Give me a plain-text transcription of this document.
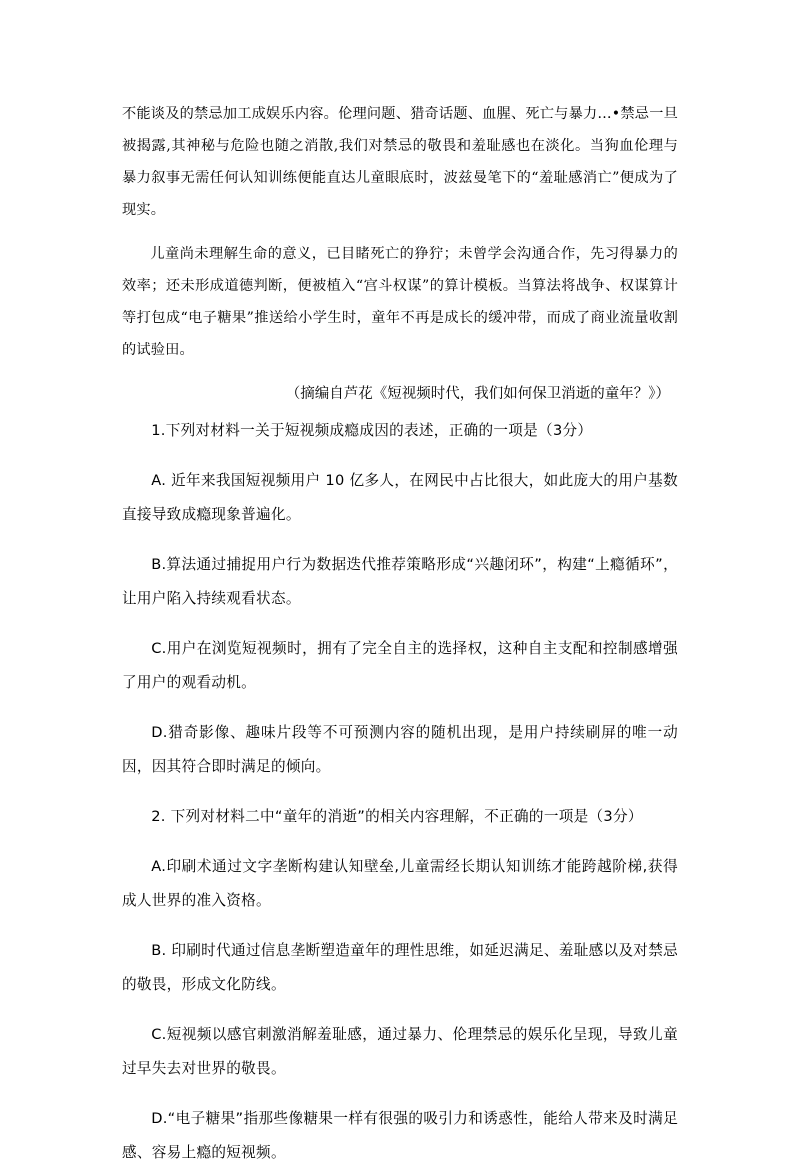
不能谈及的禁忌加工成娱乐内容。伦理问题、猎奇话题、血腥、死亡与暴力…•禁忌一旦被揭露,其神秘与危险也随之消散,我们对禁忌的敬畏和羞耻感也在淡化。当狗血伦理与暴力叙事无需任何认知训练便能直达儿童眼底时，波兹曼笔下的“羞耻感消亡”便成为了现实。

儿童尚未理解生命的意义，已目睹死亡的狰狞；未曾学会沟通合作，先习得暴力的效率；还未形成道德判断，便被植入“宫斗权谋”的算计模板。当算法将战争、权谋算计等打包成“电子糖果”推送给小学生时，童年不再是成长的缓冲带，而成了商业流量收割的试验田。

（摘编自芦花《短视频时代，我们如何保卫消逝的童年？》）

1.下列对材料一关于短视频成瘾成因的表述，正确的一项是（3分）

A. 近年来我国短视频用户 10 亿多人，在网民中占比很大，如此庞大的用户基数直接导致成瘾现象普遍化。

B.算法通过捕捉用户行为数据迭代推荐策略形成“兴趣闭环”，构建“上瘾循环”，让用户陷入持续观看状态。

C.用户在浏览短视频时，拥有了完全自主的选择权，这种自主支配和控制感增强了用户的观看动机。

D.猎奇影像、趣味片段等不可预测内容的随机出现，是用户持续刷屏的唯一动因，因其符合即时满足的倾向。

2. 下列对材料二中“童年的消逝”的相关内容理解，不正确的一项是（3分）

A.印刷术通过文字垄断构建认知壁垒,儿童需经长期认知训练才能跨越阶梯,获得成人世界的准入资格。

B. 印刷时代通过信息垄断塑造童年的理性思维，如延迟满足、羞耻感以及对禁忌的敬畏，形成文化防线。

C.短视频以感官刺激消解羞耻感，通过暴力、伦理禁忌的娱乐化呈现，导致儿童过早失去对世界的敬畏。

D.“电子糖果”指那些像糖果一样有很强的吸引力和诱惑性，能给人带来及时满足感、容易上瘾的短视频。
